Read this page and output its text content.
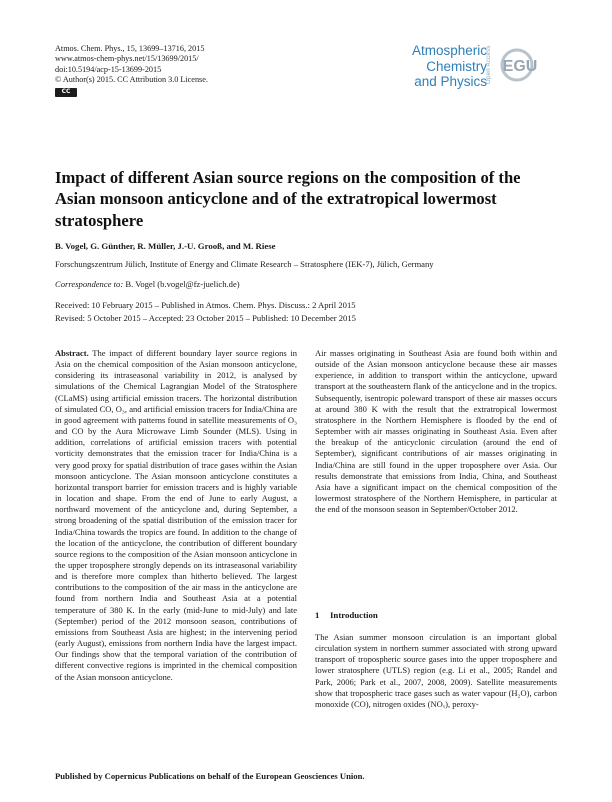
Atmos. Chem. Phys., 15, 13699–13716, 2015
www.atmos-chem-phys.net/15/13699/2015/
doi:10.5194/acp-15-13699-2015
© Author(s) 2015. CC Attribution 3.0 License.
CC
Atmospheric
Chemistry
and Physics
Open Access EGU
Impact of different Asian source regions on the composition of the Asian monsoon anticyclone and of the extratropical lowermost stratosphere
B. Vogel, G. Günther, R. Müller, J.-U. Grooß, and M. Riese
Forschungszentrum Jülich, Institute of Energy and Climate Research – Stratosphere (IEK-7), Jülich, Germany
Correspondence to: B. Vogel (b.vogel@fz-juelich.de)
Received: 10 February 2015 – Published in Atmos. Chem. Phys. Discuss.: 2 April 2015
Revised: 5 October 2015 – Accepted: 23 October 2015 – Published: 10 December 2015

Abstract. The impact of different boundary layer source regions in Asia on the chemical composition of the Asian monsoon anticyclone, considering its intraseasonal variability in 2012, is analysed by simulations of the Chemical Lagrangian Model of the Stratosphere (CLaMS) using artificial emission tracers. The horizontal distribution of simulated CO, O₃, and artificial emission tracers for India/China are in good agreement with patterns found in satellite measurements of O₃ and CO by the Aura Microwave Limb Sounder (MLS). Using in addition, correlations of artificial emission tracers with potential vorticity demonstrates that the emission tracer for India/China is a very good proxy for spatial distribution of trace gases within the Asian monsoon anticyclone. The Asian monsoon anticyclone constitutes a horizontal transport barrier for emission tracers and is highly variable in location and shape. From the end of June to early August, a northward movement of the anticyclone and, during September, a strong broadening of the spatial distribution of the emission tracer for India/China towards the tropics are found. In addition to the change of the location of the anticyclone, the contribution of different boundary source regions to the composition of the Asian monsoon anticyclone in the upper troposphere strongly depends on its intraseasonal variability and is therefore more complex than hitherto believed. The largest contributions to the composition of the air mass in the anticyclone are found from northern India and Southeast Asia at a potential temperature of 380 K. In the early (mid-June to mid-July) and late (September) period of the 2012 monsoon season, contributions of emissions from Southeast Asia are highest; in the intervening period (early August), emissions from northern India have the largest impact. Our findings show that the temporal variation of the contribution of different convective regions is imprinted in the chemical composition of the Asian monsoon anticyclone.

Air masses originating in Southeast Asia are found both within and outside of the Asian monsoon anticyclone because these air masses experience, in addition to transport within the anticyclone, upward transport at the southeastern flank of the anticyclone and in the tropics. Subsequently, isentropic poleward transport of these air masses occurs at around 380 K with the result that the extratropical lowermost stratosphere in the Northern Hemisphere is flooded by the end of September with air masses originating in Southeast Asia. Even after the breakup of the anticyclonic circulation (around the end of September), significant contributions of air masses originating in India/China are still found in the upper troposphere over Asia. Our results demonstrate that emissions from India, China, and Southeast Asia have a significant impact on the chemical composition of the lowermost stratosphere of the Northern Hemisphere, in particular at the end of the monsoon season in September/October 2012.

1 Introduction

The Asian summer monsoon circulation is an important global circulation system in northern summer associated with strong upward transport of tropospheric source gases into the upper troposphere and lower stratosphere (UTLS) region (e.g. Li et al., 2005; Randel and Park, 2006; Park et al., 2007, 2008, 2009). Satellite measurements show that tropospheric trace gases such as water vapour (H₂O), carbon monoxide (CO), nitrogen oxides (NOₓ), peroxy-

Published by Copernicus Publications on behalf of the European Geosciences Union.
